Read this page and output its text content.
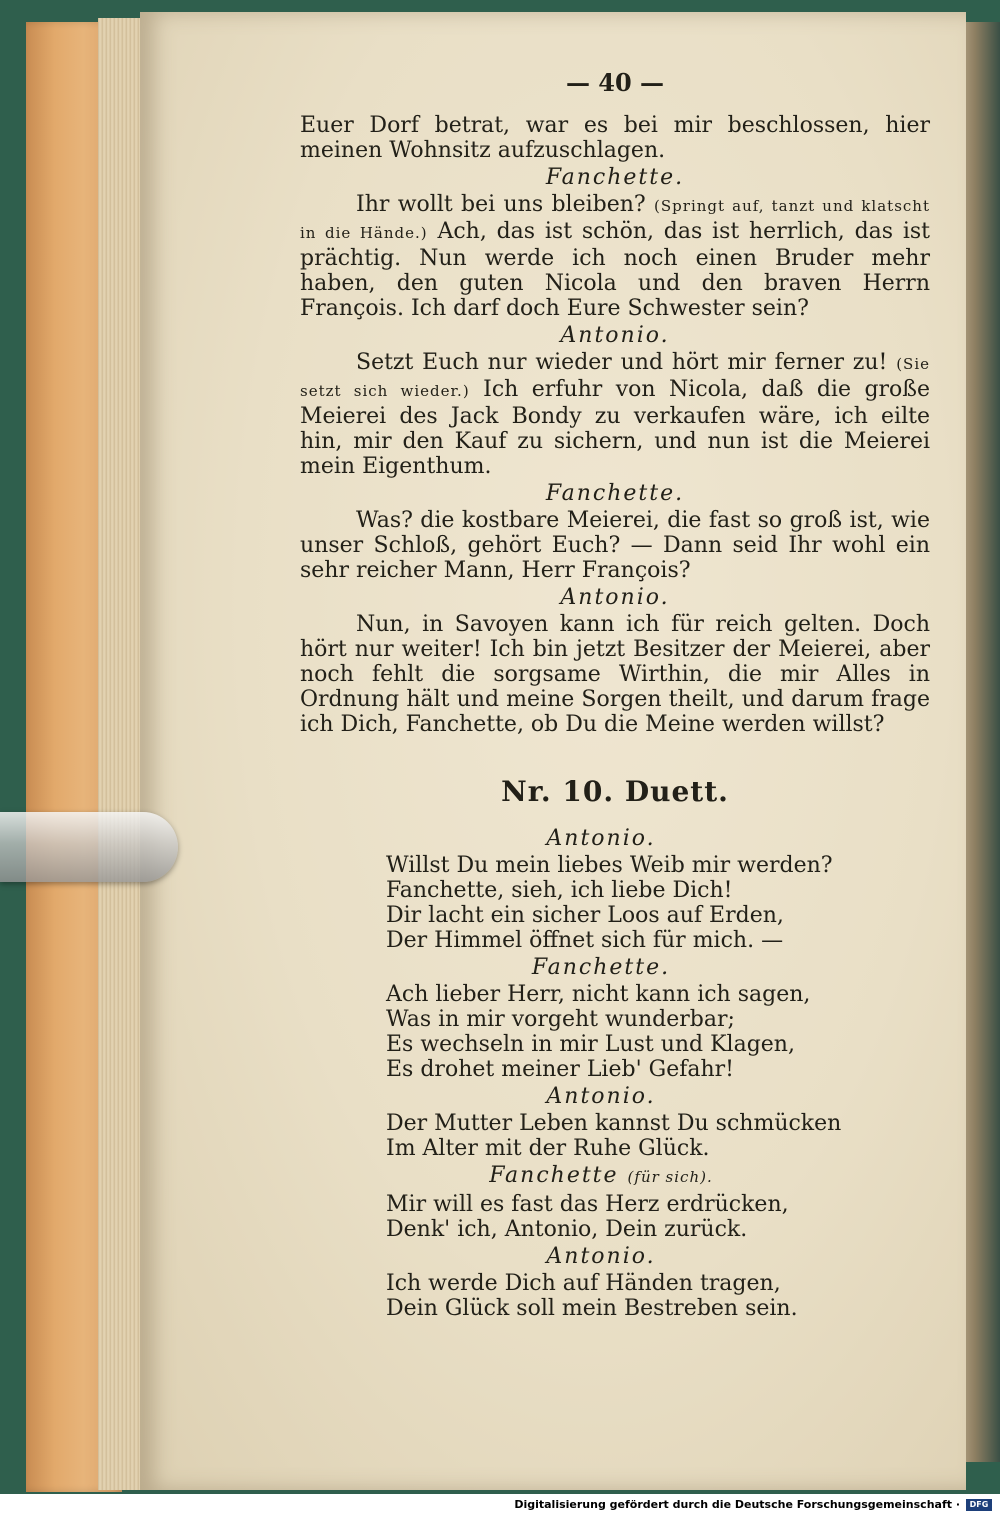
— 40 —

Euer Dorf betrat, war es bei mir beschlossen, hier meinen Wohnsitz aufzuschlagen.

Fanchette.

Ihr wollt bei uns bleiben? (Springt auf, tanzt und klatscht in die Hände.) Ach, das ist schön, das ist herrlich, das ist prächtig. Nun werde ich noch einen Bruder mehr haben, den guten Nicola und den braven Herrn François. Ich darf doch Eure Schwester sein?

Antonio.

Setzt Euch nur wieder und hört mir ferner zu! (Sie setzt sich wieder.) Ich erfuhr von Nicola, daß die große Meierei des Jack Bondy zu verkaufen wäre, ich eilte hin, mir den Kauf zu sichern, und nun ist die Meierei mein Eigenthum.

Fanchette.

Was? die kostbare Meierei, die fast so groß ist, wie unser Schloß, gehört Euch? — Dann seid Ihr wohl ein sehr reicher Mann, Herr François?

Antonio.

Nun, in Savoyen kann ich für reich gelten. Doch hört nur weiter! Ich bin jetzt Besitzer der Meierei, aber noch fehlt die sorgsame Wirthin, die mir Alles in Ordnung hält und meine Sorgen theilt, und darum frage ich Dich, Fanchette, ob Du die Meine werden willst?

Nr. 10. Duett.
Antonio.
Willst Du mein liebes Weib mir werden?
Fanchette, sieh, ich liebe Dich!
Dir lacht ein sicher Loos auf Erden,
Der Himmel öffnet sich für mich. —
Fanchette.
Ach lieber Herr, nicht kann ich sagen,
Was in mir vorgeht wunderbar;
Es wechseln in mir Lust und Klagen,
Es drohet meiner Lieb' Gefahr!
Antonio.
Der Mutter Leben kannst Du schmücken
Im Alter mit der Ruhe Glück.
Fanchette (für sich).
Mir will es fast das Herz erdrücken,
Denk' ich, Antonio, Dein zurück.
Antonio.
Ich werde Dich auf Händen tragen,
Dein Glück soll mein Bestreben sein.
Digitalisierung gefördert durch die Deutsche Forschungsgemeinschaft ·	DFG
